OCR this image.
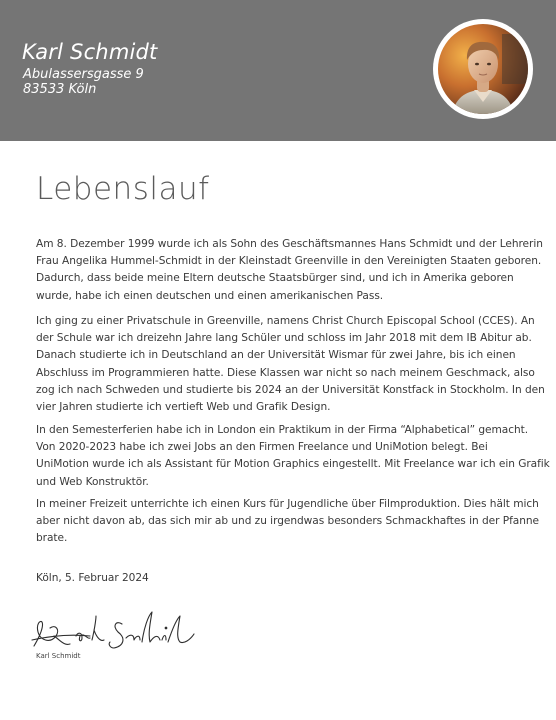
Karl Schmidt
Abulassersgasse 9
83533 Köln
Lebenslauf

Am 8. Dezember 1999 wurde ich als Sohn des Geschäftsmannes Hans Schmidt und der Lehrerin
Frau Angelika Hummel-Schmidt in der Kleinstadt Greenville in den Vereinigten Staaten geboren.
Dadurch, dass beide meine Eltern deutsche Staatsbürger sind, und ich in Amerika geboren
wurde, habe ich einen deutschen und einen amerikanischen Pass.

Ich ging zu einer Privatschule in Greenville, namens Christ Church Episcopal School (CCES). An
der Schule war ich dreizehn Jahre lang Schüler und schloss im Jahr 2018 mit dem IB Abitur ab.
Danach studierte ich in Deutschland an der Universität Wismar für zwei Jahre, bis ich einen
Abschluss im Programmieren hatte. Diese Klassen war nicht so nach meinem Geschmack, also
zog ich nach Schweden und studierte bis 2024 an der Universität Konstfack in Stockholm. In den
vier Jahren studierte ich vertieft Web und Grafik Design.

In den Semesterferien habe ich in London ein Praktikum in der Firma “Alphabetical” gemacht.
Von 2020-2023 habe ich zwei Jobs an den Firmen Freelance und UniMotion belegt. Bei
UniMotion wurde ich als Assistant für Motion Graphics eingestellt. Mit Freelance war ich ein Grafik
und Web Konstruktör.

In meiner Freizeit unterrichte ich einen Kurs für Jugendliche über Filmproduktion. Dies hält mich
aber nicht davon ab, das sich mir ab und zu irgendwas besonders Schmackhaftes in der Pfanne
brate.

Köln, 5. Februar 2024

Karl Schmidt
